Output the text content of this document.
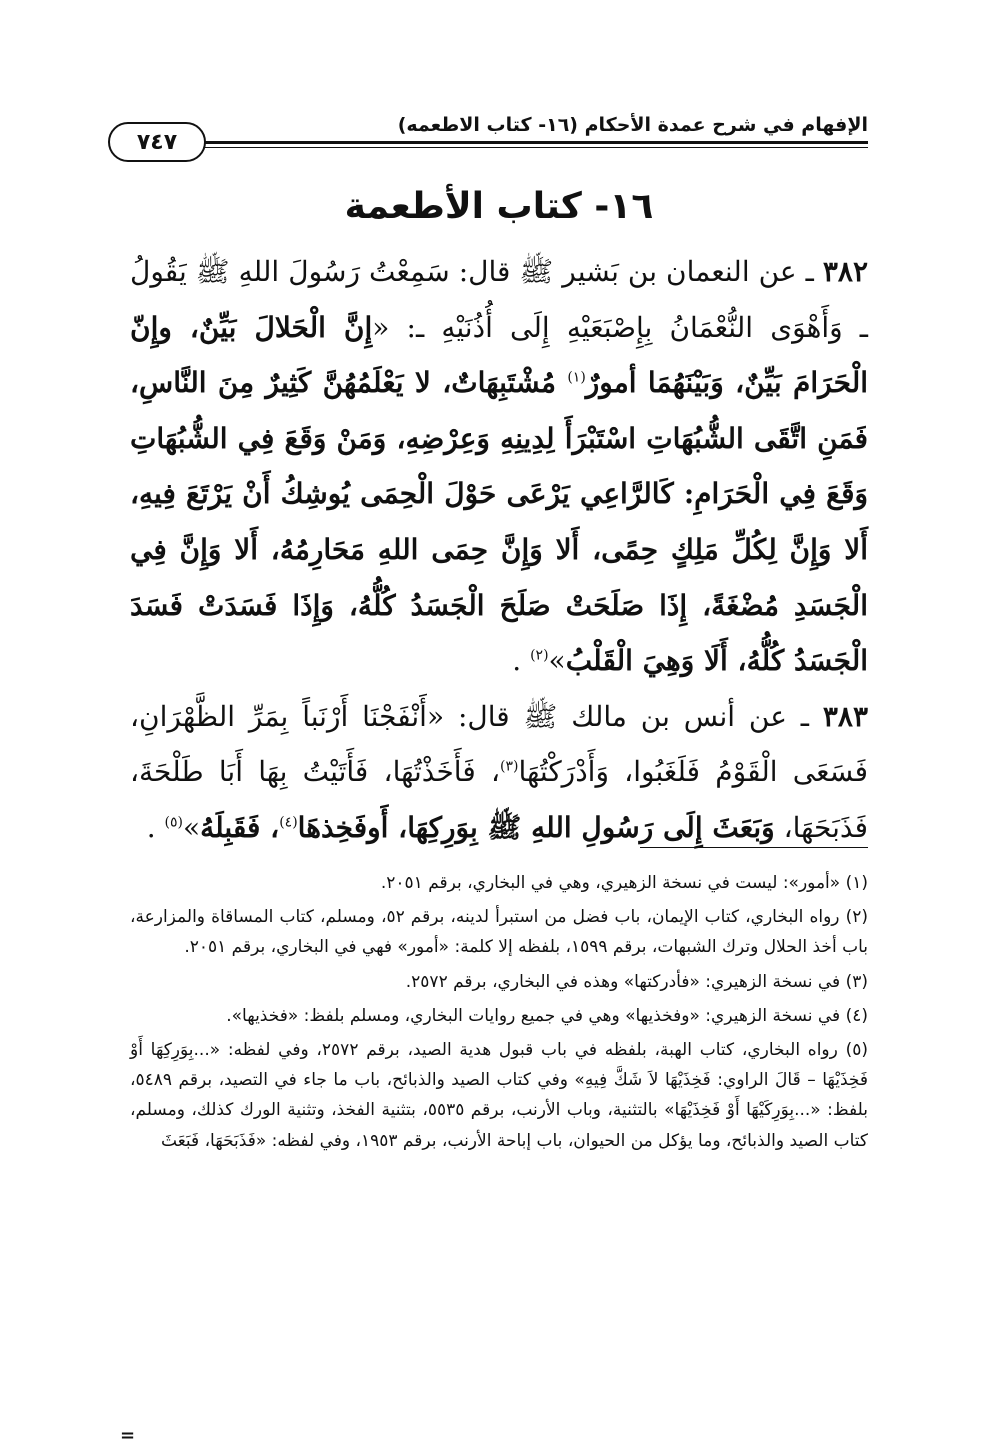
الإفهام في شرح عمدة الأحكام (١٦- كتاب الاطعمه)
٧٤٧
١٦- كتاب الأطعمة

٣٨٢ ـ عن النعمان بن بَشير ﷺ قال: سَمِعْتُ رَسُولَ اللهِ ﷺ يَقُولُ ـ وَأَهْوَى النُّعْمَانُ بِإِصْبَعَيْهِ إِلَى أُذُنَيْهِ ـ: «إِنَّ الْحَلالَ بَيِّنٌ، وإِنّ الْحَرَامَ بَيِّنٌ، وَبَيْنَهُمَا أمورٌ$^{(١)}$ مُشْتَبِهَاتٌ، لا يَعْلَمُهُنَّ كَثِيرٌ مِنَ النَّاسِ، فَمَنِ اتَّقَى الشُّبُهَاتِ اسْتَبْرَأَ لِدِينِهِ وَعِرْضِهِ، وَمَنْ وَقَعَ فِي الشُّبُهَاتِ وَقَعَ فِي الْحَرَامِ: كَالرَّاعِي يَرْعَى حَوْلَ الْحِمَى يُوشِكُ أَنْ يَرْتَعَ فِيهِ، أَلا وَإِنَّ لِكُلِّ مَلِكٍ حِمًى، أَلا وَإِنَّ حِمَى اللهِ مَحَارِمُهُ، أَلا وَإِنَّ فِي الْجَسَدِ مُضْغَةً، إِذَا صَلَحَتْ صَلَحَ الْجَسَدُ كُلُّهُ، وَإِذَا فَسَدَتْ فَسَدَ الْجَسَدُ كُلُّهُ، أَلَا وَهِيَ الْقَلْبُ»$^{(٢)}$ .

٣٨٣ ـ عن أنس بن مالك ﷺ قال: «أَنْفَجْنَا أَرْنَباً بِمَرِّ الظَّهْرَانِ، فَسَعَى الْقَوْمُ فَلَغَبُوا، وَأَدْرَكْتُهَا$^{(٣)}$، فَأَخَذْتُهَا، فَأَتَيْتُ بِهَا أَبَا طَلْحَةَ، فَذَبَحَهَا، وَبَعَثَ إِلَى رَسُولِ اللهِ ﷺ بِوَرِكِهَا، أَوفَخِذهَا$^{(٤)}$، فَقَبِلَهُ»$^{(٥)}$ .

(١) «أمور»: ليست في نسخة الزهيري، وهي في البخاري، برقم ٢٠٥١.

(٢) رواه البخاري، كتاب الإيمان، باب فضل من استبرأ لدينه، برقم ٥٢، ومسلم، كتاب المساقاة والمزارعة، باب أخذ الحلال وترك الشبهات، برقم ١٥٩٩، بلفظه إلا كلمة: «أمور» فهي في البخاري، برقم ٢٠٥١.

(٣) في نسخة الزهيري: «فأدركتها» وهذه في البخاري، برقم ٢٥٧٢.

(٤) في نسخة الزهيري: «وفخذيها» وهي في جميع روايات البخاري، ومسلم بلفظ: «فخذيها».

(٥) رواه البخاري، كتاب الهبة، بلفظه في باب قبول هدية الصيد، برقم ٢٥٧٢، وفي لفظه: «...بِوَرِكِهَا أَوْ فَخِذَيْهَا – قَالَ الراوي: فَخِذَيْهَا لاَ شَكَّ فِيهِ» وفي كتاب الصيد والذبائح، باب ما جاء في التصيد، برقم ٥٤٨٩، بلفظ: «...بِوَرِكَيْهَا أَوْ فَخِذَيْهَا» بالتثنية، وباب الأرنب، برقم ٥٥٣٥، بتثنية الفخذ، وتثنية الورك كذلك، ومسلم، كتاب الصيد والذبائح، وما يؤكل من الحيوان، باب إباحة الأرنب، برقم ١٩٥٣، وفي لفظه: «فَذَبَحَهَا، فَبَعَثَ

=
